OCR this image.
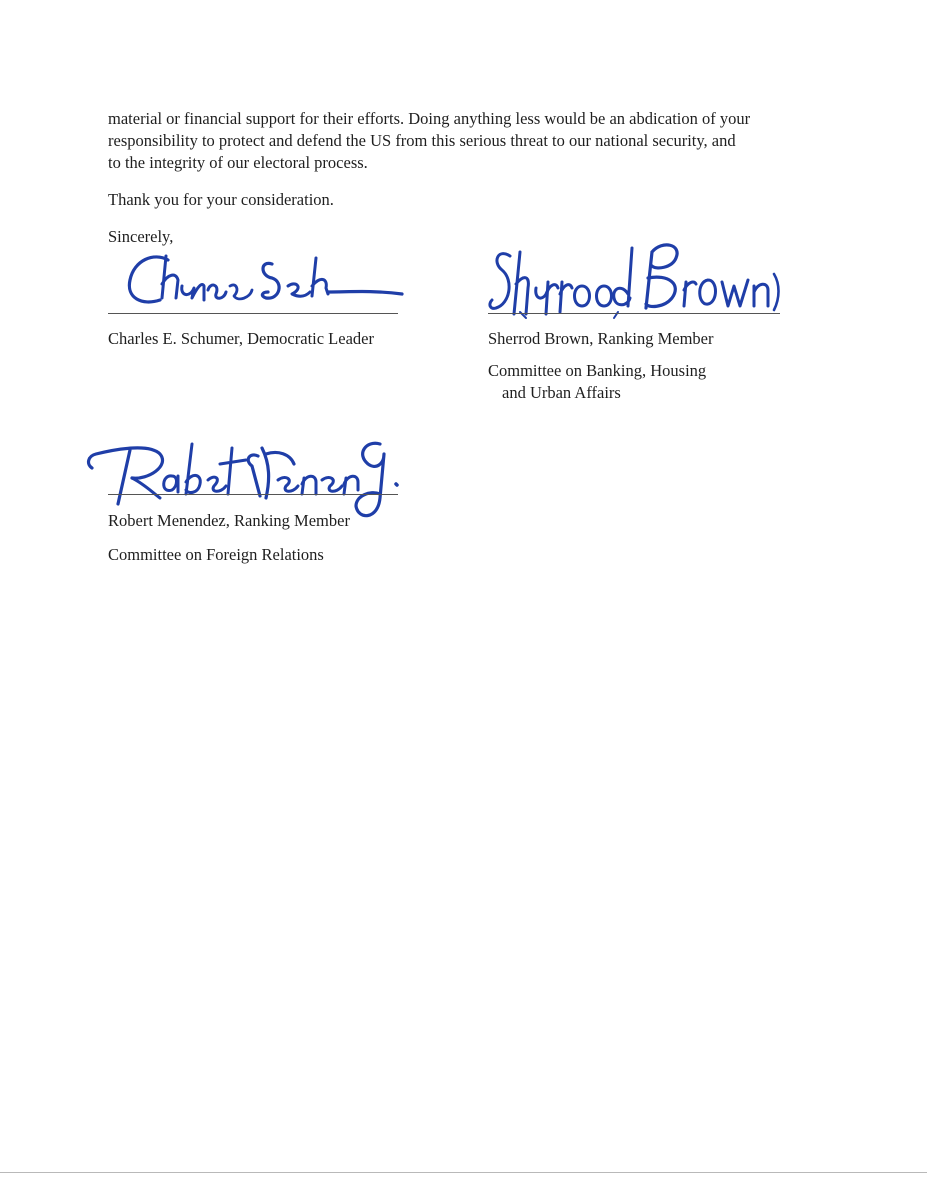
material or financial support for their efforts. Doing anything less would be an abdication of your
responsibility to protect and defend the US from this serious threat to our national security, and
to the integrity of our electoral process.
Thank you for your consideration.
Sincerely,
Charles E. Schumer, Democratic Leader	Sherrod Brown, Ranking Member
Committee on Banking, Housing
and Urban Affairs
Robert Menendez, Ranking Member
Committee on Foreign Relations
